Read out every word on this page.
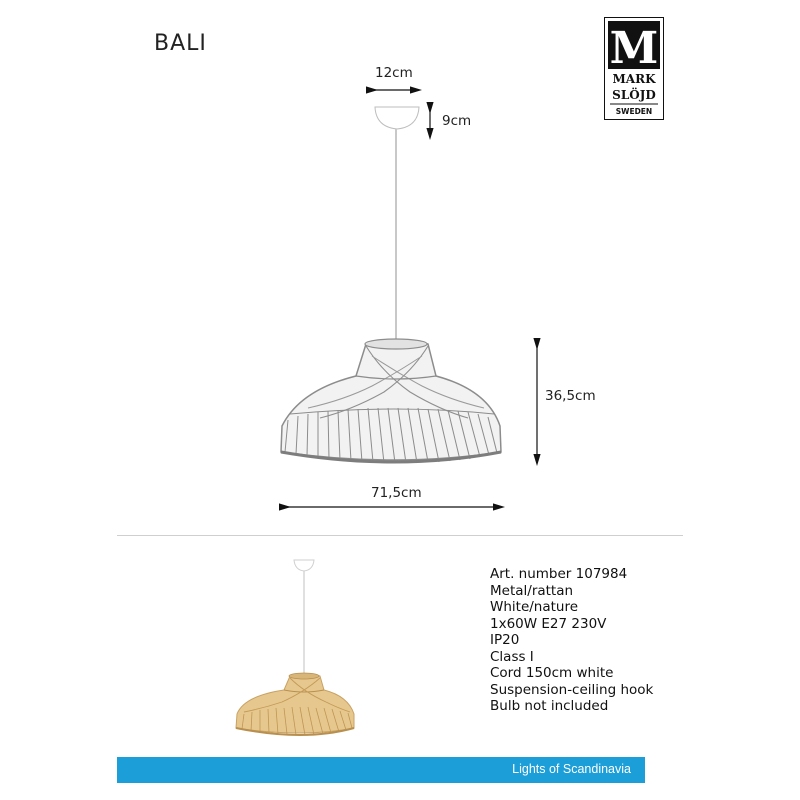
BALI	M
MARK
SLÖJD
SWEDEN
12cm
9cm
36,5cm
71,5cm
Art. number 107984
Metal/rattan
White/nature
1x60W E27 230V
IP20
Class I
Cord 150cm white
Suspension-ceiling hook
Bulb not included
Lights of Scandinavia
